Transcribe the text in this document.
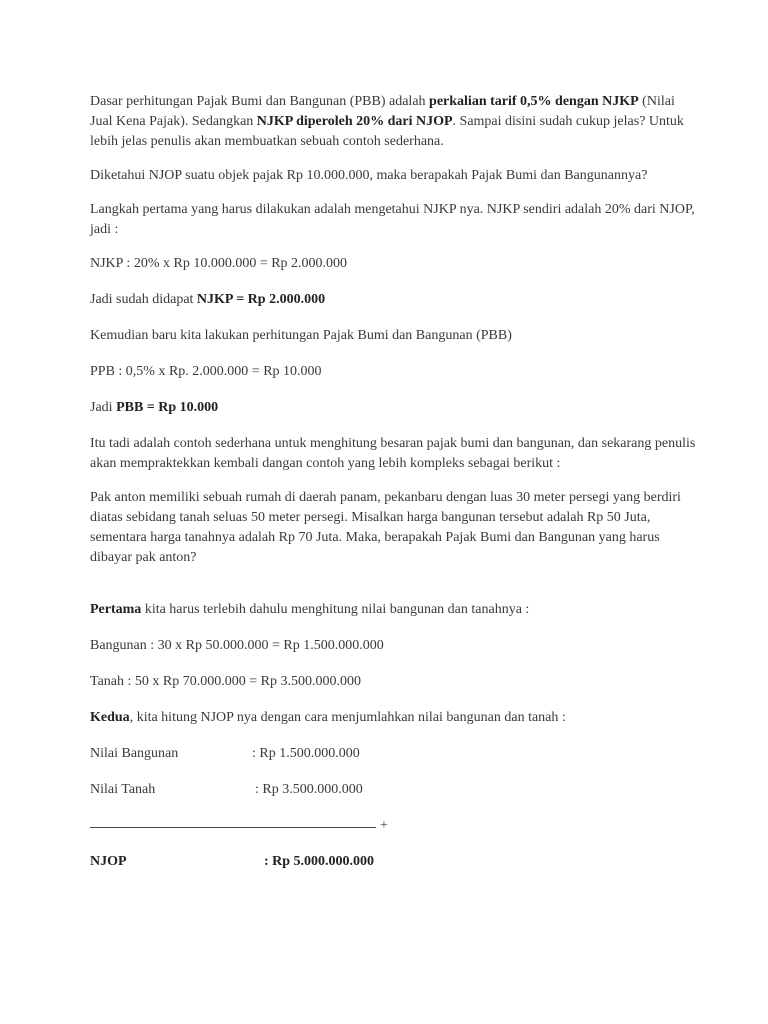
Dasar perhitungan Pajak Bumi dan Bangunan (PBB) adalah perkalian tarif 0,5% dengan NJKP (Nilai Jual Kena Pajak). Sedangkan NJKP diperoleh 20% dari NJOP. Sampai disini sudah cukup jelas? Untuk lebih jelas penulis akan membuatkan sebuah contoh sederhana.

Diketahui NJOP suatu objek pajak Rp 10.000.000, maka berapakah Pajak Bumi dan Bangunannya?

Langkah pertama yang harus dilakukan adalah mengetahui NJKP nya. NJKP sendiri adalah 20% dari NJOP, jadi :

NJKP : 20% x Rp 10.000.000 = Rp 2.000.000

Jadi sudah didapat NJKP = Rp 2.000.000

Kemudian baru kita lakukan perhitungan Pajak Bumi dan Bangunan (PBB)

PPB : 0,5% x Rp. 2.000.000 = Rp 10.000

Jadi PBB = Rp 10.000

Itu tadi adalah contoh sederhana untuk menghitung besaran pajak bumi dan bangunan, dan sekarang penulis akan mempraktekkan kembali dangan contoh yang lebih kompleks sebagai berikut :

Pak anton memiliki sebuah rumah di daerah panam, pekanbaru dengan luas 30 meter persegi yang berdiri diatas sebidang tanah seluas 50 meter persegi. Misalkan harga bangunan tersebut adalah Rp 50 Juta, sementara harga tanahnya adalah Rp 70 Juta. Maka, berapakah Pajak Bumi dan Bangunan yang harus dibayar pak anton?

Pertama kita harus terlebih dahulu menghitung nilai bangunan dan tanahnya :

Bangunan : 30 x Rp 50.000.000 = Rp 1.500.000.000

Tanah : 50 x Rp 70.000.000 = Rp 3.500.000.000

Kedua, kita hitung NJOP nya dengan cara menjumlahkan nilai bangunan dan tanah :

Nilai Bangunan	: Rp 1.500.000.000
Nilai Tanah	: Rp 3.500.000.000
+
NJOP	: Rp 5.000.000.000
